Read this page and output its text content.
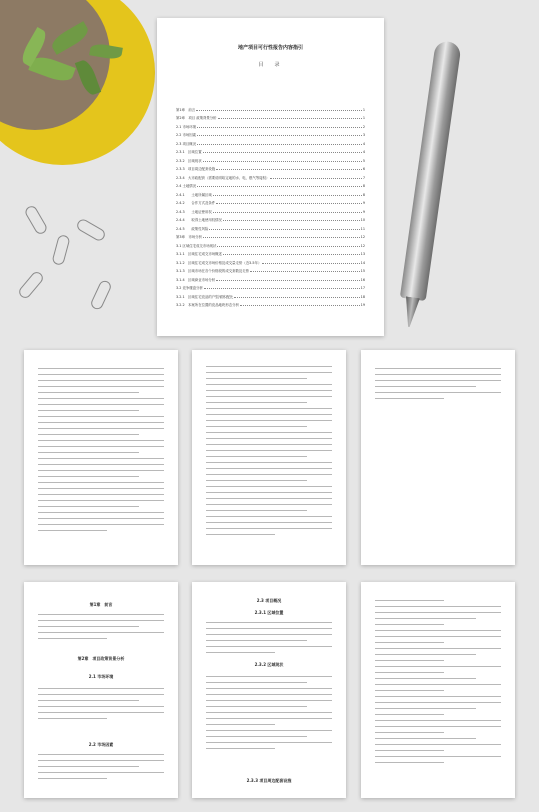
地产项目可行性报告内容指引
目　录
第1章　前言	1
第2章　项目 政策背景分析	1
2.1 市场环境	2
2.2 市场因素	3
2.3 项目概况	4
2.3.1　区域位置	4
2.3.2　区域现状	5
2.3.3　项目周边配套设施	6
2.3.4　大市政配套（需要说明给定地的水、电、燃气等接驳）	7
2.4 土地情况	8
2.4.1　　土地所属区域	8
2.4.2　　合作方式及条件	9
2.4.3　　土地证使用权	9
2.4.4　　取得土地使用权情况	10
2.4.5　　政策性风险	11
第3章　市场分析	12
3.1 区域住宅成交市场现状	12
3.1.1　区域住宅成交市场概述	13
3.1.2　区域住宅成交市场价格及成交量走势（近3-5年）	14
3.1.3　区域市场在各个价格段的成交套数及走势	15
3.1.4　区域商业市场分析	16
3.2 竞争楼盘分析	17
3.2.1　区域住宅竞品的户型/面积配比	18
3.2.2　本案所在位置的竞品地块形态分析	19
第1章　前言
第2章　项目政策背景分析
2.1 市场环境
2.2 市场因素
2.3 项目概况
2.3.1 区域位置
2.3.2 区域现状
2.3.3 项目周边配套设施
